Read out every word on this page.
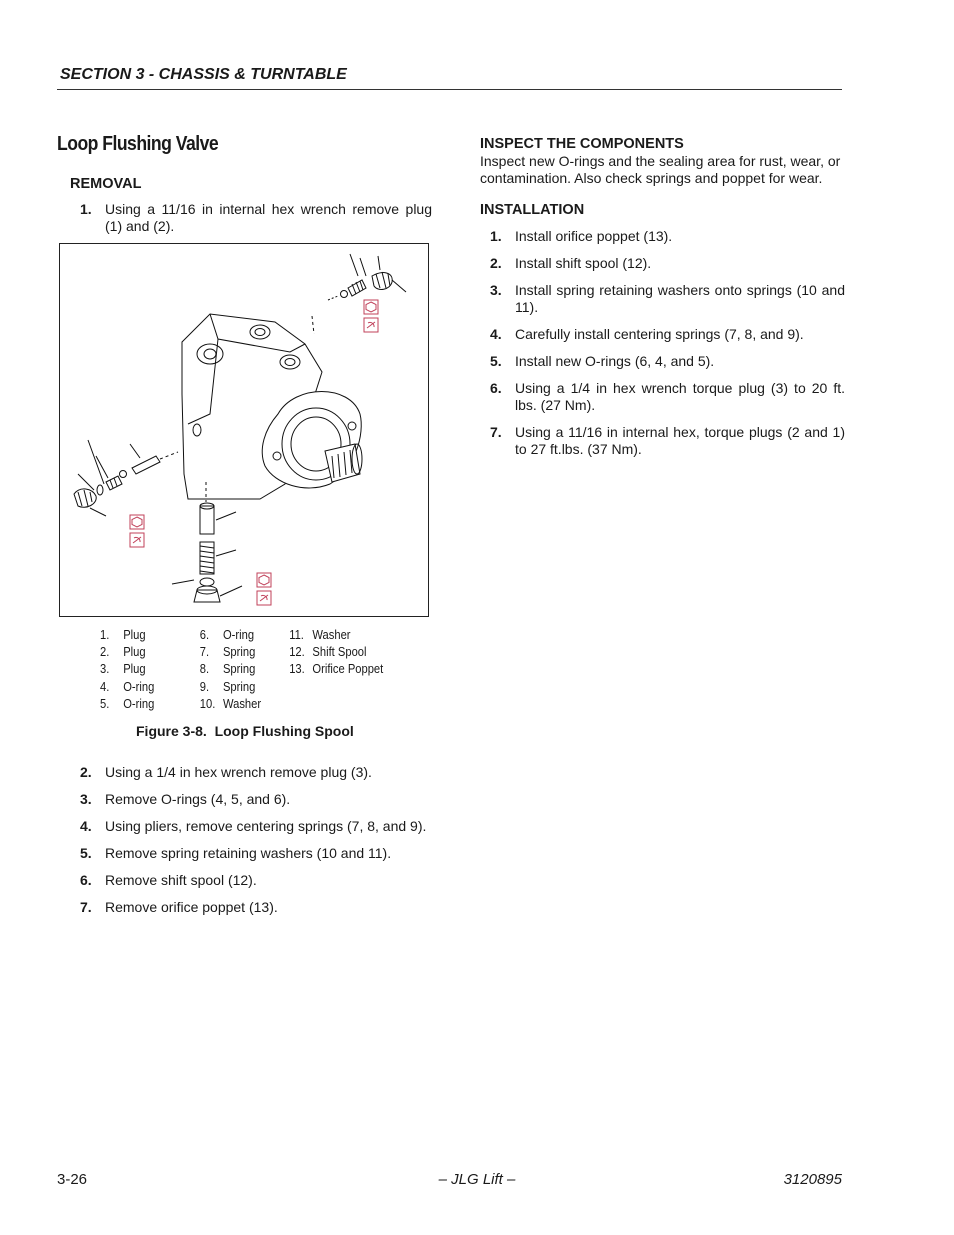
SECTION 3 - CHASSIS & TURNTABLE
Loop Flushing Valve
REMOVAL
1. Using a 11/16 in internal hex wrench remove plug (1) and (2).
1.	Plug
2.	Plug
3.	Plug
4.	O-ring
5.	O-ring
6.	O-ring
7.	Spring
8.	Spring
9.	Spring
10. Washer
11. Washer
12. Shift Spool
13. Orifice Poppet
Figure 3-8.  Loop Flushing Spool
2. Using a 1/4 in hex wrench remove plug (3).
3. Remove O-rings (4, 5, and 6).
4. Using pliers, remove centering springs (7, 8, and 9).
5. Remove spring retaining washers (10 and 11).
6. Remove shift spool (12).
7. Remove orifice poppet (13).
INSPECT THE COMPONENTS

Inspect new O-rings and the sealing area for rust, wear, or contamination. Also check springs and poppet for wear.

INSTALLATION
1. Install orifice poppet (13).
2. Install shift spool (12).
3. Install spring retaining washers onto springs (10 and 11).
4. Carefully install centering springs (7, 8, and 9).
5. Install new O-rings (6, 4, and 5).
6. Using a 1/4 in hex wrench torque plug (3) to 20 ft. lbs. (27 Nm).
7. Using a 11/16 in internal hex, torque plugs (2 and 1) to 27 ft.lbs. (37 Nm).
3-26	– JLG Lift –	3120895
